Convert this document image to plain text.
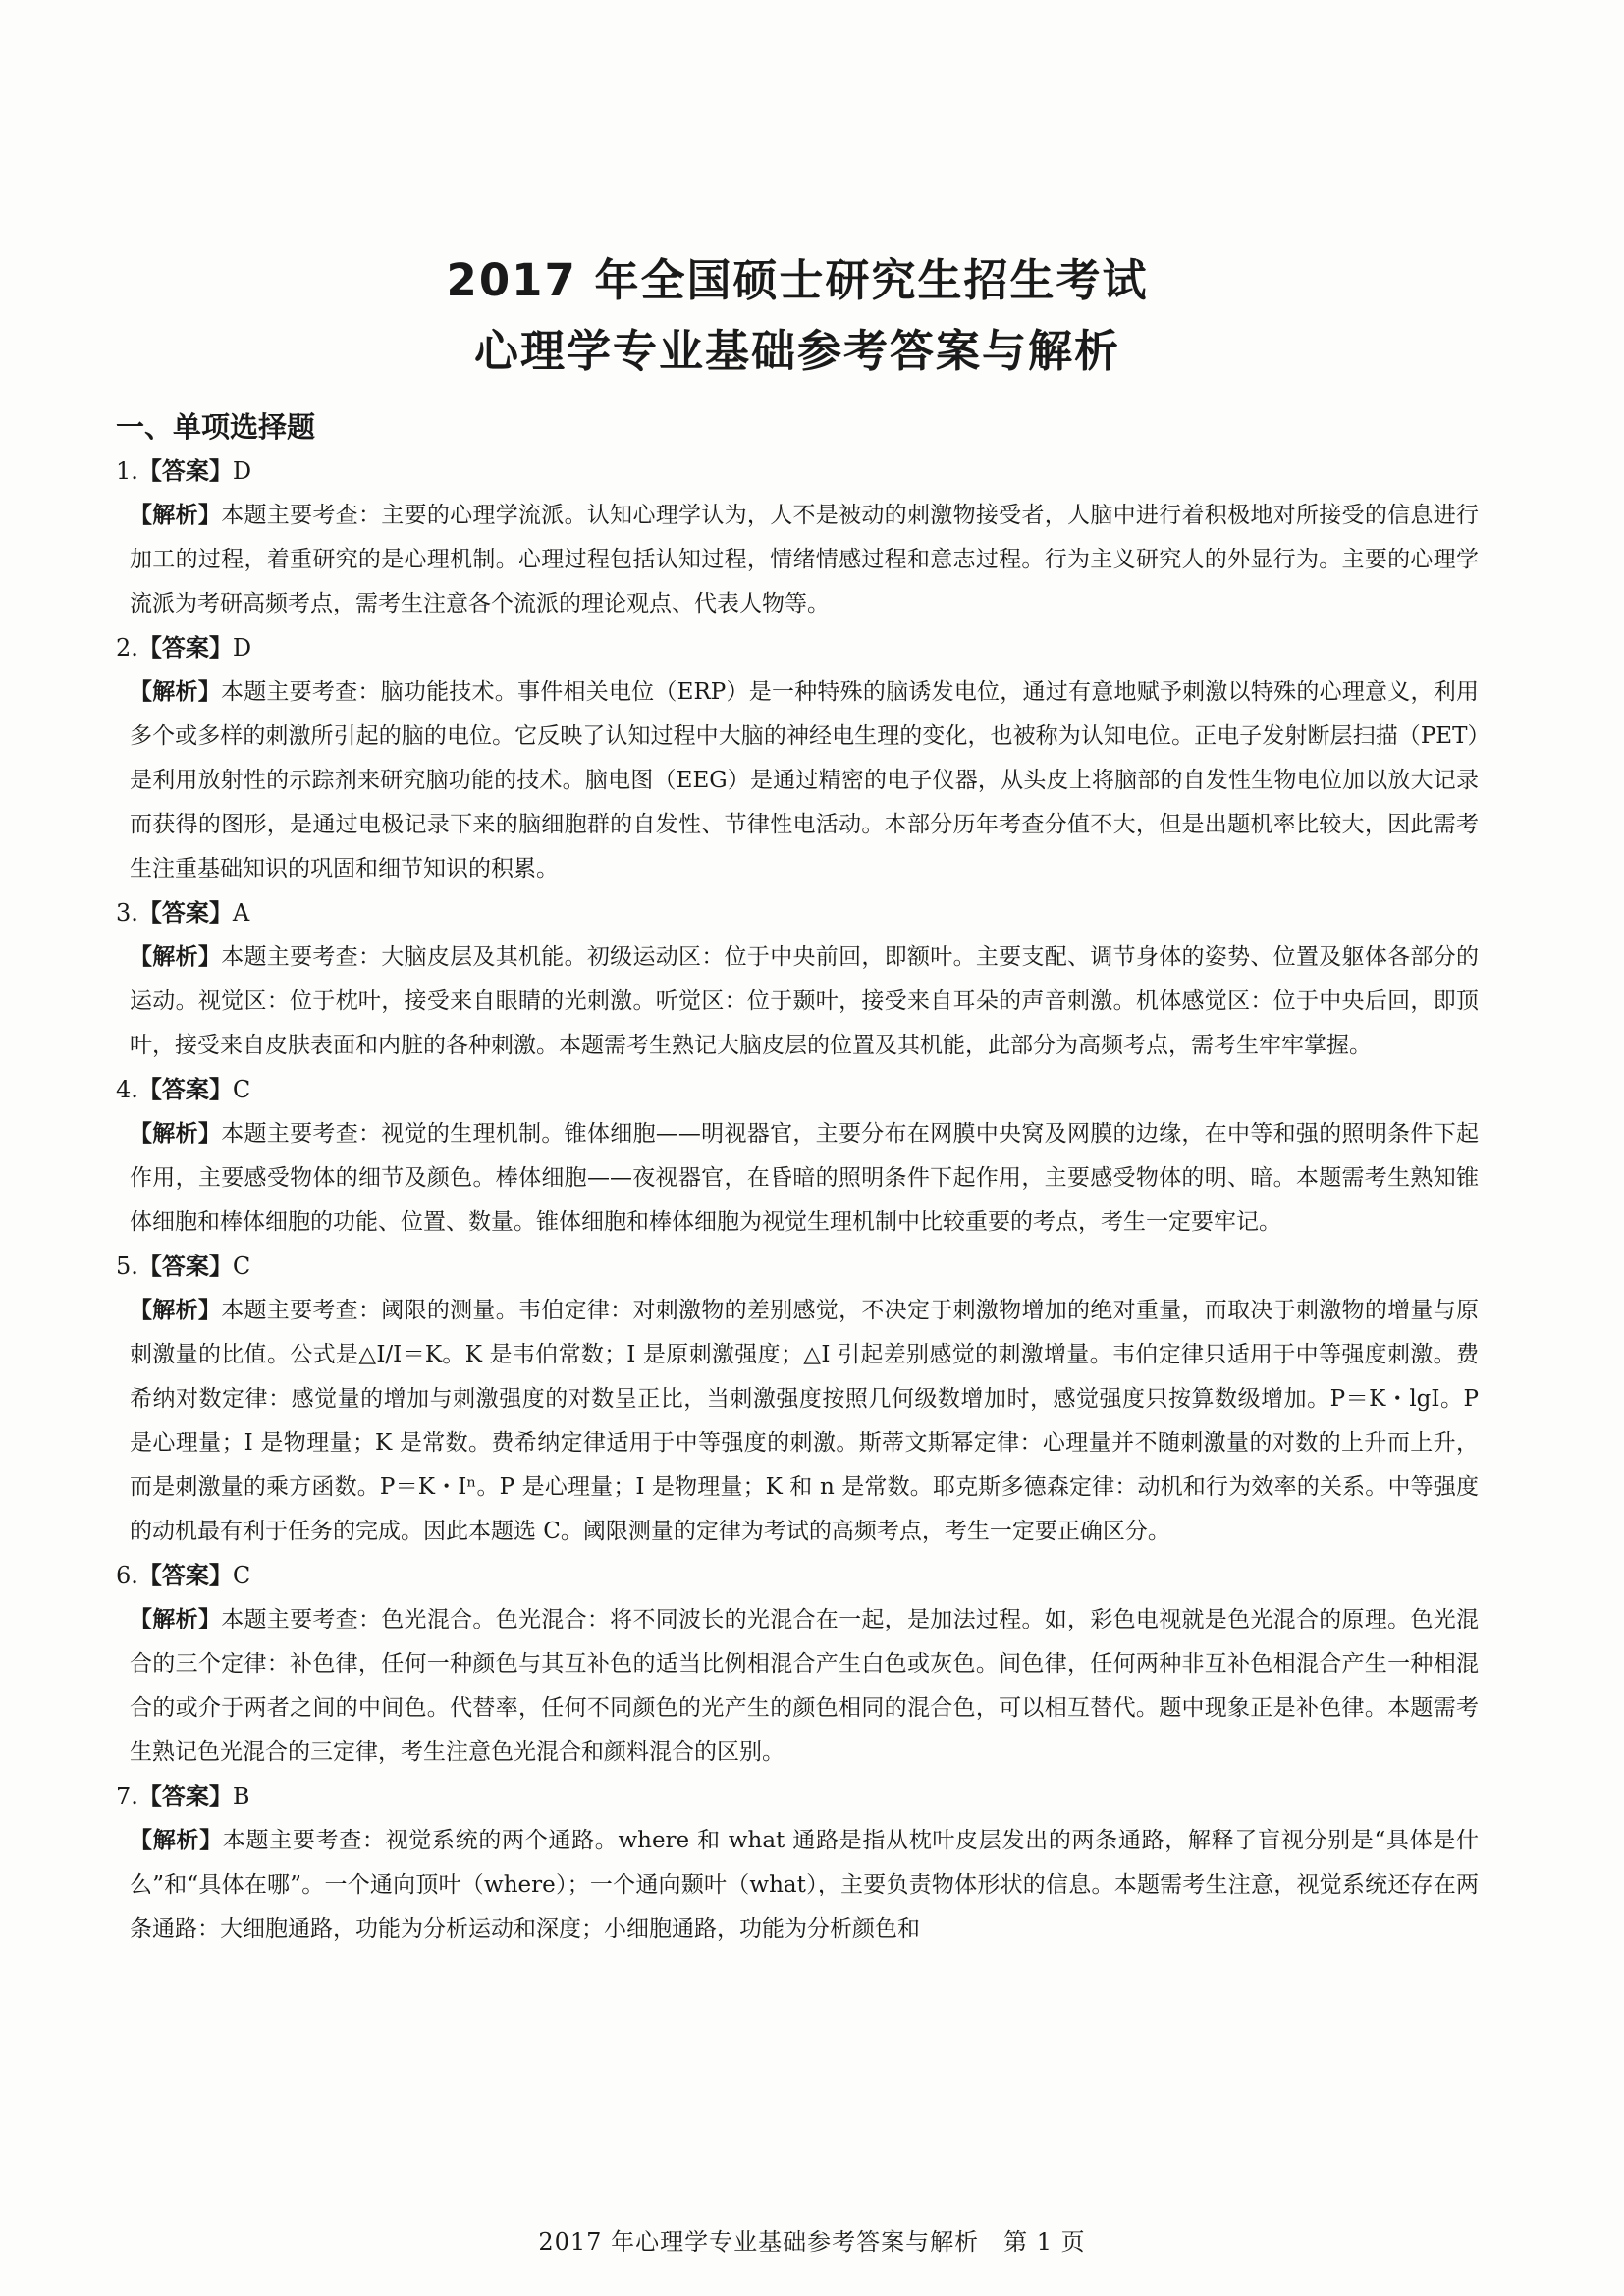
2017 年全国硕士研究生招生考试
心理学专业基础参考答案与解析
一、单项选择题
1.【答案】D
【解析】本题主要考查：主要的心理学流派。认知心理学认为，人不是被动的刺激物接受者，人脑中进行着积极地对所接受的信息进行加工的过程，着重研究的是心理机制。心理过程包括认知过程，情绪情感过程和意志过程。行为主义研究人的外显行为。主要的心理学流派为考研高频考点，需考生注意各个流派的理论观点、代表人物等。
2.【答案】D
【解析】本题主要考查：脑功能技术。事件相关电位（ERP）是一种特殊的脑诱发电位，通过有意地赋予刺激以特殊的心理意义，利用多个或多样的刺激所引起的脑的电位。它反映了认知过程中大脑的神经电生理的变化，也被称为认知电位。正电子发射断层扫描（PET）是利用放射性的示踪剂来研究脑功能的技术。脑电图（EEG）是通过精密的电子仪器，从头皮上将脑部的自发性生物电位加以放大记录而获得的图形，是通过电极记录下来的脑细胞群的自发性、节律性电活动。本部分历年考查分值不大，但是出题机率比较大，因此需考生注重基础知识的巩固和细节知识的积累。
3.【答案】A
【解析】本题主要考查：大脑皮层及其机能。初级运动区：位于中央前回，即额叶。主要支配、调节身体的姿势、位置及躯体各部分的运动。视觉区：位于枕叶，接受来自眼睛的光刺激。听觉区：位于颞叶，接受来自耳朵的声音刺激。机体感觉区：位于中央后回，即顶叶，接受来自皮肤表面和内脏的各种刺激。本题需考生熟记大脑皮层的位置及其机能，此部分为高频考点，需考生牢牢掌握。
4.【答案】C
【解析】本题主要考查：视觉的生理机制。锥体细胞——明视器官，主要分布在网膜中央窝及网膜的边缘，在中等和强的照明条件下起作用，主要感受物体的细节及颜色。棒体细胞——夜视器官，在昏暗的照明条件下起作用，主要感受物体的明、暗。本题需考生熟知锥体细胞和棒体细胞的功能、位置、数量。锥体细胞和棒体细胞为视觉生理机制中比较重要的考点，考生一定要牢记。
5.【答案】C
【解析】本题主要考查：阈限的测量。韦伯定律：对刺激物的差别感觉，不决定于刺激物增加的绝对重量，而取决于刺激物的增量与原刺激量的比值。公式是△I/I＝K。K 是韦伯常数；I 是原刺激强度；△I 引起差别感觉的刺激增量。韦伯定律只适用于中等强度刺激。费希纳对数定律：感觉量的增加与刺激强度的对数呈正比，当刺激强度按照几何级数增加时，感觉强度只按算数级增加。P＝K・lgI。P 是心理量；I 是物理量；K 是常数。费希纳定律适用于中等强度的刺激。斯蒂文斯幂定律：心理量并不随刺激量的对数的上升而上升，而是刺激量的乘方函数。P＝K・Iⁿ。P 是心理量；I 是物理量；K 和 n 是常数。耶克斯多德森定律：动机和行为效率的关系。中等强度的动机最有利于任务的完成。因此本题选 C。阈限测量的定律为考试的高频考点，考生一定要正确区分。
6.【答案】C
【解析】本题主要考查：色光混合。色光混合：将不同波长的光混合在一起，是加法过程。如，彩色电视就是色光混合的原理。色光混合的三个定律：补色律，任何一种颜色与其互补色的适当比例相混合产生白色或灰色。间色律，任何两种非互补色相混合产生一种相混合的或介于两者之间的中间色。代替率，任何不同颜色的光产生的颜色相同的混合色，可以相互替代。题中现象正是补色律。本题需考生熟记色光混合的三定律，考生注意色光混合和颜料混合的区别。
7.【答案】B
【解析】本题主要考查：视觉系统的两个通路。where 和 what 通路是指从枕叶皮层发出的两条通路，解释了盲视分别是“具体是什么”和“具体在哪”。一个通向顶叶（where）；一个通向颞叶（what），主要负责物体形状的信息。本题需考生注意，视觉系统还存在两条通路：大细胞通路，功能为分析运动和深度；小细胞通路，功能为分析颜色和
2017 年心理学专业基础参考答案与解析　第 1 页
